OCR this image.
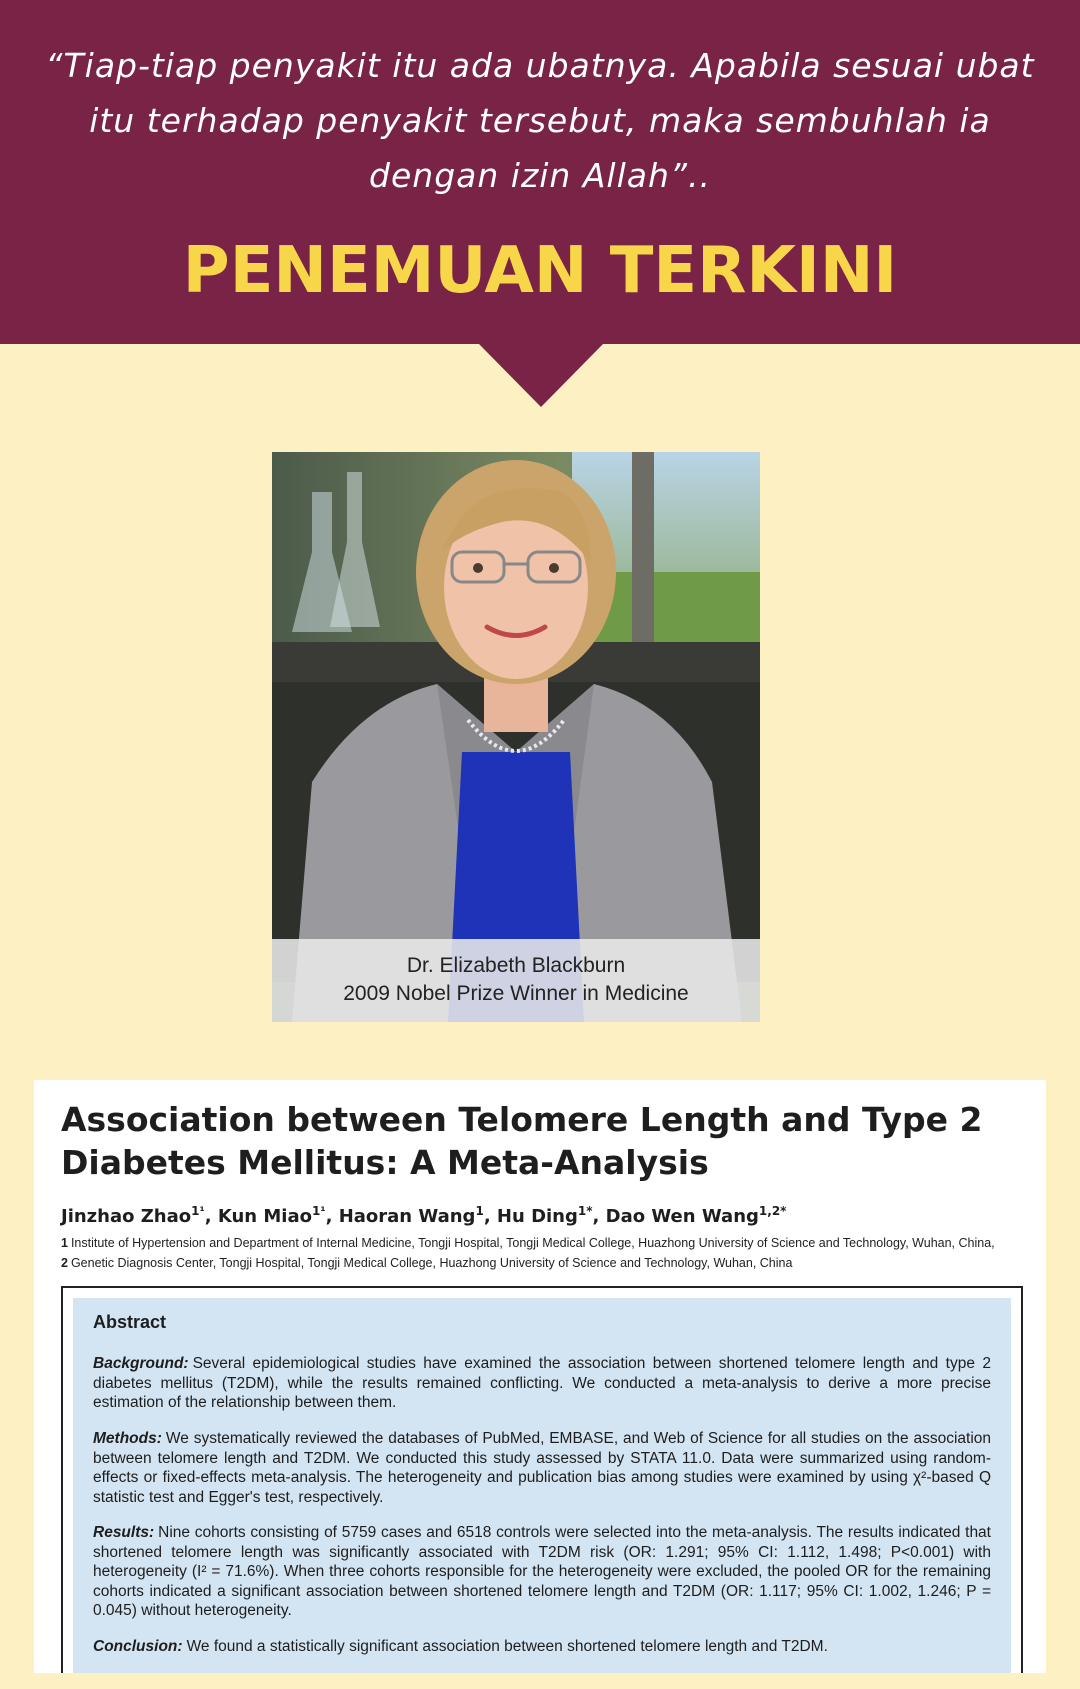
“Tiap-tiap penyakit itu ada ubatnya. Apabila sesuai ubat itu terhadap penyakit tersebut, maka sembuhlah ia dengan izin Allah”..
PENEMUAN TERKINI
Dr. Elizabeth Blackburn
2009 Nobel Prize Winner in Medicine
Association between Telomere Length and Type 2 Diabetes Mellitus: A Meta-Analysis
Jinzhao Zhao$^{1^1}$, Kun Miao$^{1^1}$, Haoran Wang$^1$, Hu Ding$^{1*}$, Dao Wen Wang$^{1,2*}$
1 Institute of Hypertension and Department of Internal Medicine, Tongji Hospital, Tongji Medical College, Huazhong University of Science and Technology, Wuhan, China,
2 Genetic Diagnosis Center, Tongji Hospital, Tongji Medical College, Huazhong University of Science and Technology, Wuhan, China
Abstract
Background: Several epidemiological studies have examined the association between shortened telomere length and type 2 diabetes mellitus (T2DM), while the results remained conflicting. We conducted a meta-analysis to derive a more precise estimation of the relationship between them.
Methods: We systematically reviewed the databases of PubMed, EMBASE, and Web of Science for all studies on the association between telomere length and T2DM. We conducted this study assessed by STATA 11.0. Data were summarized using random-effects or fixed-effects meta-analysis. The heterogeneity and publication bias among studies were examined by using χ²-based Q statistic test and Egger's test, respectively.
Results: Nine cohorts consisting of 5759 cases and 6518 controls were selected into the meta-analysis. The results indicated that shortened telomere length was significantly associated with T2DM risk (OR: 1.291; 95% CI: 1.112, 1.498; P<0.001) with heterogeneity (I² = 71.6%). When three cohorts responsible for the heterogeneity were excluded, the pooled OR for the remaining cohorts indicated a significant association between shortened telomere length and T2DM (OR: 1.117; 95% CI: 1.002, 1.246; P = 0.045) without heterogeneity.
Conclusion: We found a statistically significant association between shortened telomere length and T2DM.
